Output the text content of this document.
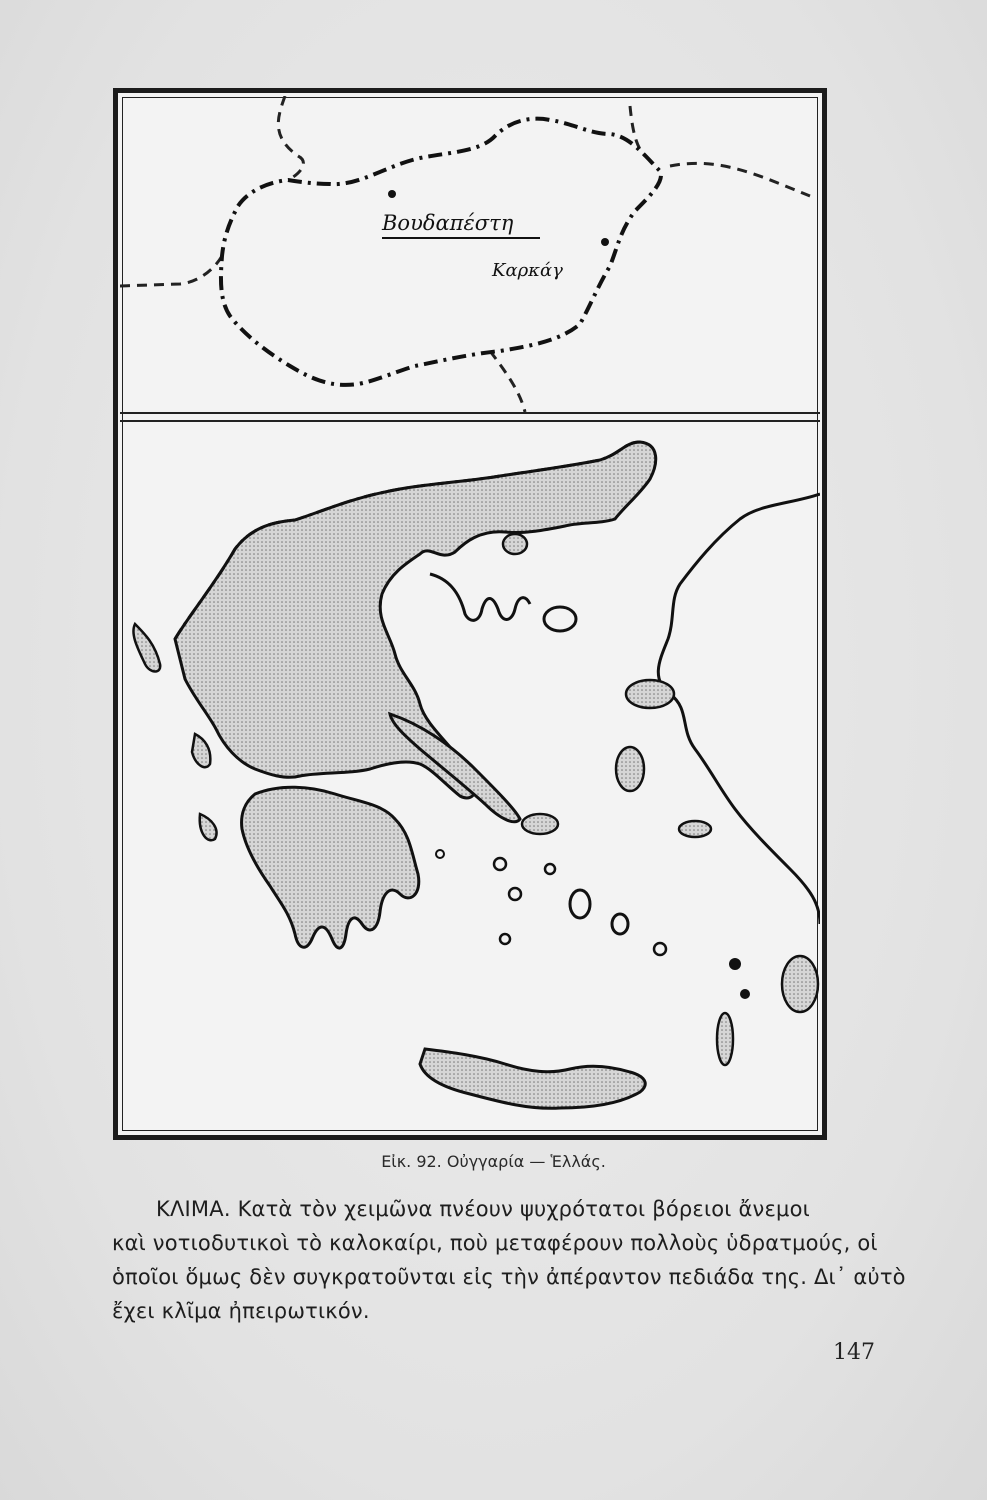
Βουδαπέστη
Καρκάγ
Εἰκ. 92. Οὐγγαρία — Ἑλλάς.
ΚΛΙΜΑ. Κατὰ τὸν χειμῶνα πνέουν ψυχρότατοι βόρειοι ἄνεμοι
καὶ νοτιοδυτικοὶ τὸ καλοκαίρι, ποὺ μεταφέρουν πολλοὺς ὑδρατμούς, οἱ
ὁποῖοι ὅμως δὲν συγκρατοῦνται εἰς τὴν ἀπέραντον πεδιάδα της. Δι᾽ αὐτὸ
ἔχει κλῖμα ἠπειρωτικόν.
147
